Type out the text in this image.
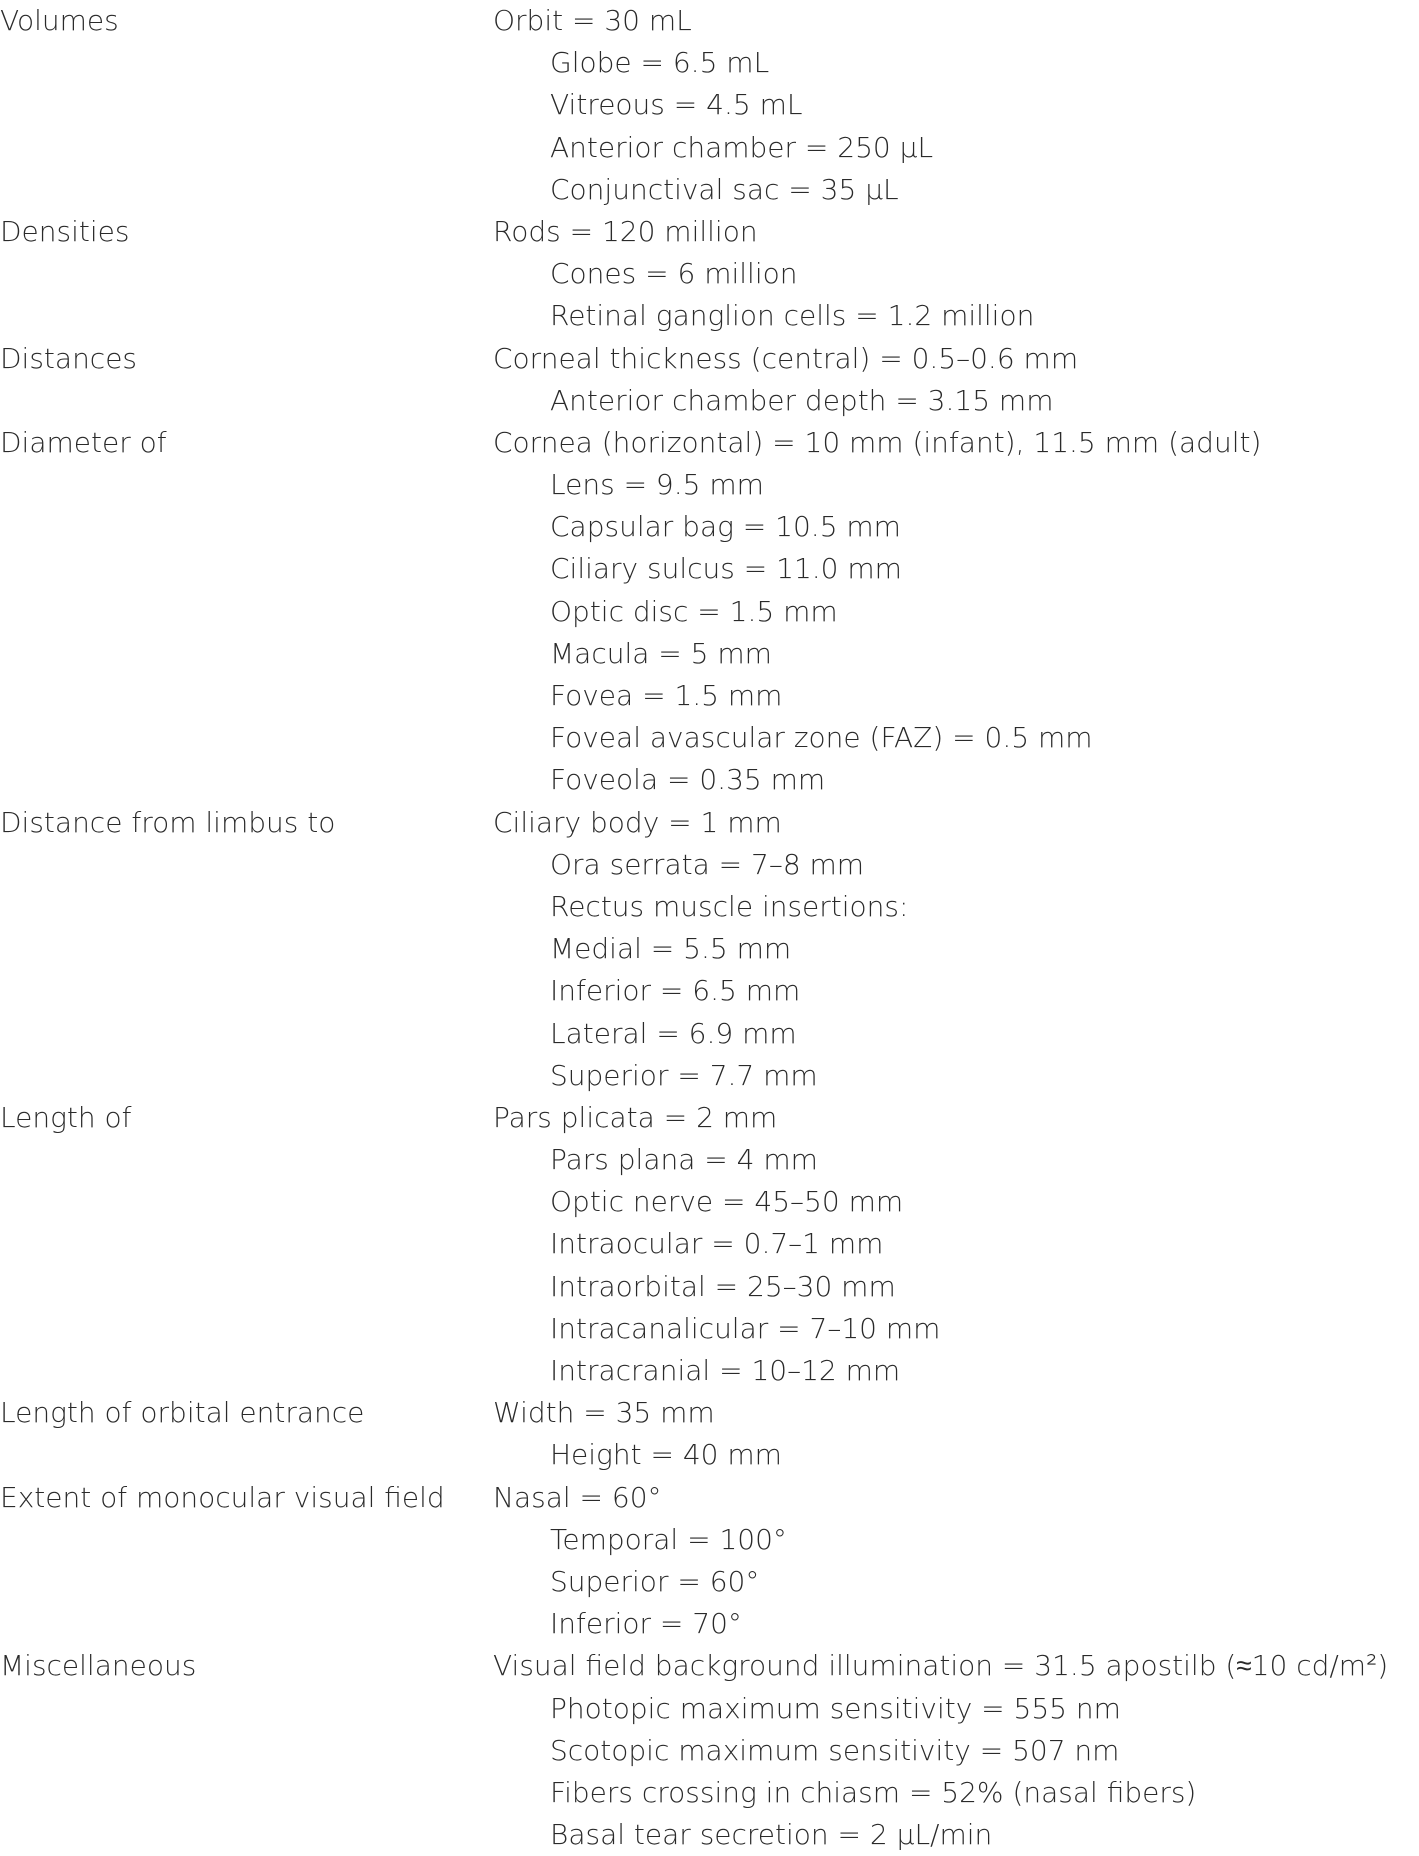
Volumes	Orbit = 30 mL
Globe = 6.5 mL
Vitreous = 4.5 mL
Anterior chamber = 250 μL
Conjunctival sac = 35 μL
Densities	Rods = 120 million
Cones = 6 million
Retinal ganglion cells = 1.2 million
Distances	Corneal thickness (central) = 0.5–0.6 mm
Anterior chamber depth = 3.15 mm
Diameter of	Cornea (horizontal) = 10 mm (infant), 11.5 mm (adult)
Lens = 9.5 mm
Capsular bag = 10.5 mm
Ciliary sulcus = 11.0 mm
Optic disc = 1.5 mm
Macula = 5 mm
Fovea = 1.5 mm
Foveal avascular zone (FAZ) = 0.5 mm
Foveola = 0.35 mm
Distance from limbus to	Ciliary body = 1 mm
Ora serrata = 7–8 mm
Rectus muscle insertions:
Medial = 5.5 mm
Inferior = 6.5 mm
Lateral = 6.9 mm
Superior = 7.7 mm
Length of	Pars plicata = 2 mm
Pars plana = 4 mm
Optic nerve = 45–50 mm
Intraocular = 0.7–1 mm
Intraorbital = 25–30 mm
Intracanalicular = 7–10 mm
Intracranial = 10–12 mm
Length of orbital entrance	Width = 35 mm
Height = 40 mm
Extent of monocular visual field Nasal = 60°
Temporal = 100°
Superior = 60°
Inferior = 70°
Miscellaneous	Visual field background illumination = 31.5 apostilb (≈10 cd/m²)
Photopic maximum sensitivity = 555 nm
Scotopic maximum sensitivity = 507 nm
Fibers crossing in chiasm = 52% (nasal fibers)
Basal tear secretion = 2 μL/min
